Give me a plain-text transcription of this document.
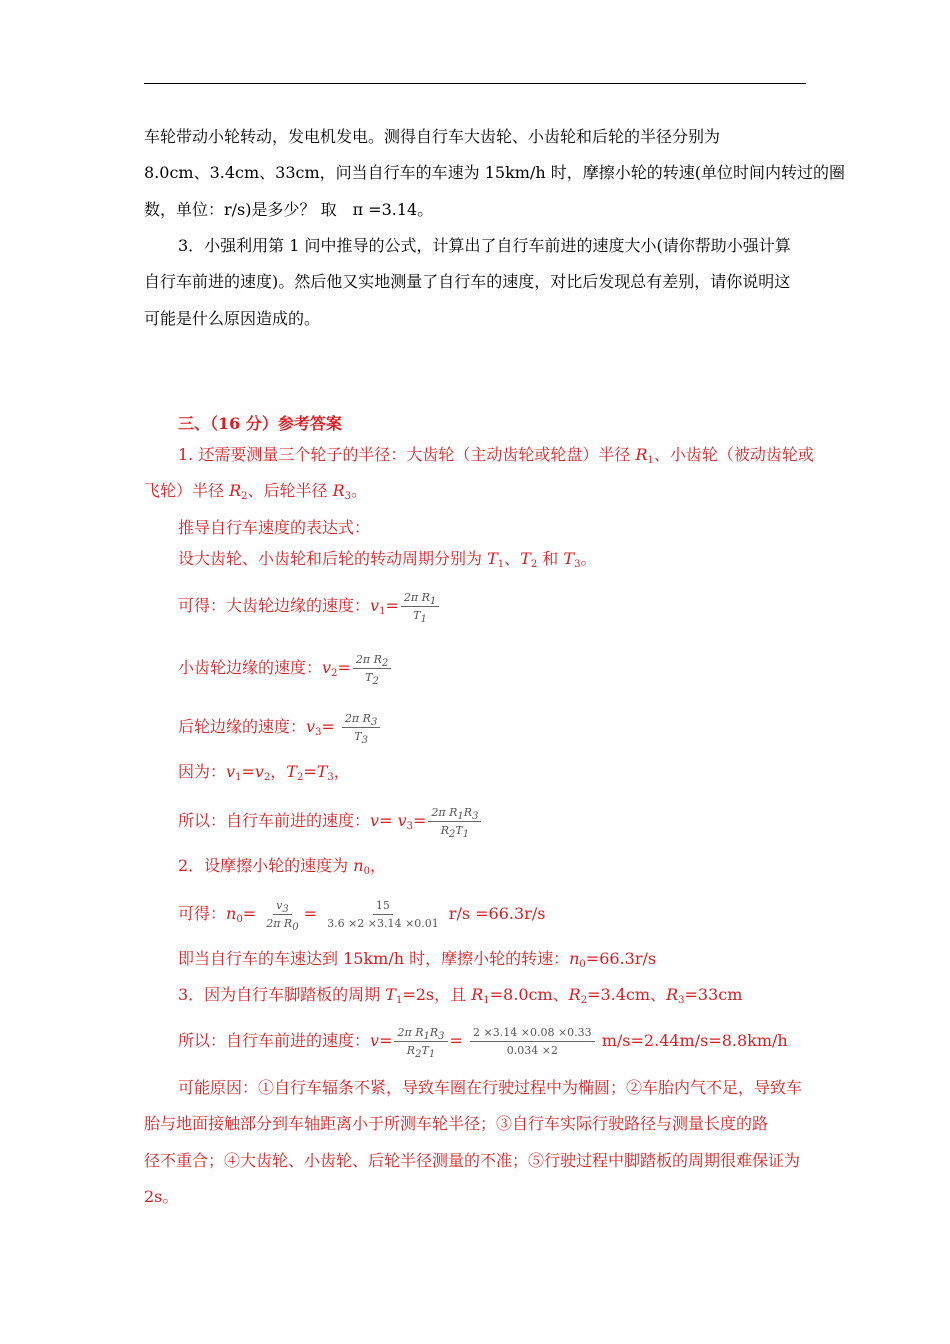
车轮带动小轮转动，发电机发电。测得自行车大齿轮、小齿轮和后轮的半径分别为
8.0cm、3.4cm、33cm，问当自行车的车速为 15km/h 时，摩擦小轮的转速(单位时间内转过的圈
数，单位：r/s)是多少？ 取　π =3.14。
3．小强利用第 1 问中推导的公式，计算出了自行车前进的速度大小(请你帮助小强计算
自行车前进的速度)。然后他又实地测量了自行车的速度，对比后发现总有差别，请你说明这
可能是什么原因造成的。
三、（16 分）参考答案
1. 还需要测量三个轮子的半径：大齿轮（主动齿轮或轮盘）半径 $R_1$、小齿轮（被动齿轮或
飞轮）半径 $R_2$、后轮半径 $R_3$。
推导自行车速度的表达式：
设大齿轮、小齿轮和后轮的转动周期分别为 $T_1$、$T_2$ 和 $T_3$。
可得：大齿轮边缘的速度：$v_1= \frac{2\pi R_1}{T_1}$
小齿轮边缘的速度：$v_2= \frac{2\pi R_2}{T_2}$
后轮边缘的速度：$v_3= \frac{2\pi R_3}{T_3}$
因为：$v_1=v_2$，$T_2=T_3$，
所以：自行车前进的速度：$v= v_3= \frac{2\pi R_1R_3}{R_2T_1}$
2．设摩擦小轮的速度为 $n_0$，
可得：$n_0= \frac{v_3}{2\pi R_0} = \frac{15}{3.6 \times 2 \times 3.14 \times 0.01} r/s =66.3r/s$
即当自行车的车速达到 15km/h 时，摩擦小轮的转速：$n_0=66.3r/s$
3．因为自行车脚踏板的周期 $T_1=2s$，且 $R_1=8.0cm$、$R_2=3.4cm$、$R_3=33cm$
所以：自行车前进的速度：$v= \frac{2\pi R_1R_3}{R_2T_1} = \frac{2 \times 3.14 \times 0.08 \times 0.33}{0.034 \times 2} m/s=2.44m/s=8.8km/h$
可能原因：①自行车辐条不紧，导致车圈在行驶过程中为椭圆；②车胎内气不足，导致车
胎与地面接触部分到车轴距离小于所测车轮半径；③自行车实际行驶路径与测量长度的路
径不重合；④大齿轮、小齿轮、后轮半径测量的不准；⑤行驶过程中脚踏板的周期很难保证为
2s。
